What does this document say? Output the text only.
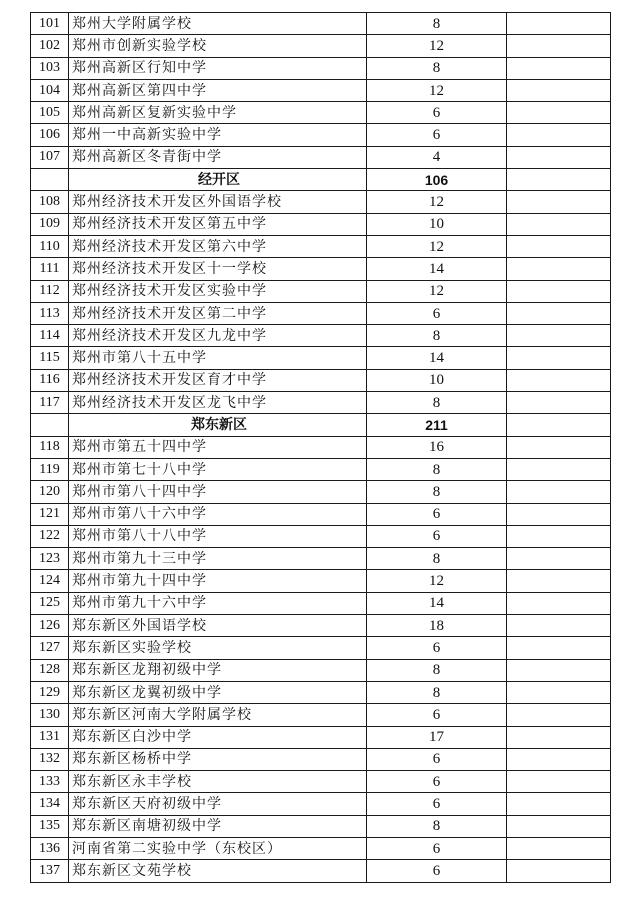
101	郑州大学附属学校	8	
102	郑州市创新实验学校	12	
103	郑州高新区行知中学	8	
104	郑州高新区第四中学	12	
105	郑州高新区复新实验中学	6	
106	郑州一中高新实验中学	6	
107	郑州高新区冬青街中学	4	
	经开区	106	
108	郑州经济技术开发区外国语学校	12	
109	郑州经济技术开发区第五中学	10	
110	郑州经济技术开发区第六中学	12	
111	郑州经济技术开发区十一学校	14	
112	郑州经济技术开发区实验中学	12	
113	郑州经济技术开发区第二中学	6	
114	郑州经济技术开发区九龙中学	8	
115	郑州市第八十五中学	14	
116	郑州经济技术开发区育才中学	10	
117	郑州经济技术开发区龙飞中学	8	
	郑东新区	211	
118	郑州市第五十四中学	16	
119	郑州市第七十八中学	8	
120	郑州市第八十四中学	8	
121	郑州市第八十六中学	6	
122	郑州市第八十八中学	6	
123	郑州市第九十三中学	8	
124	郑州市第九十四中学	12	
125	郑州市第九十六中学	14	
126	郑东新区外国语学校	18	
127	郑东新区实验学校	6	
128	郑东新区龙翔初级中学	8	
129	郑东新区龙翼初级中学	8	
130	郑东新区河南大学附属学校	6	
131	郑东新区白沙中学	17	
132	郑东新区杨桥中学	6	
133	郑东新区永丰学校	6	
134	郑东新区天府初级中学	6	
135	郑东新区南塘初级中学	8	
136	河南省第二实验中学（东校区）	6	
137	郑东新区文苑学校	6	
